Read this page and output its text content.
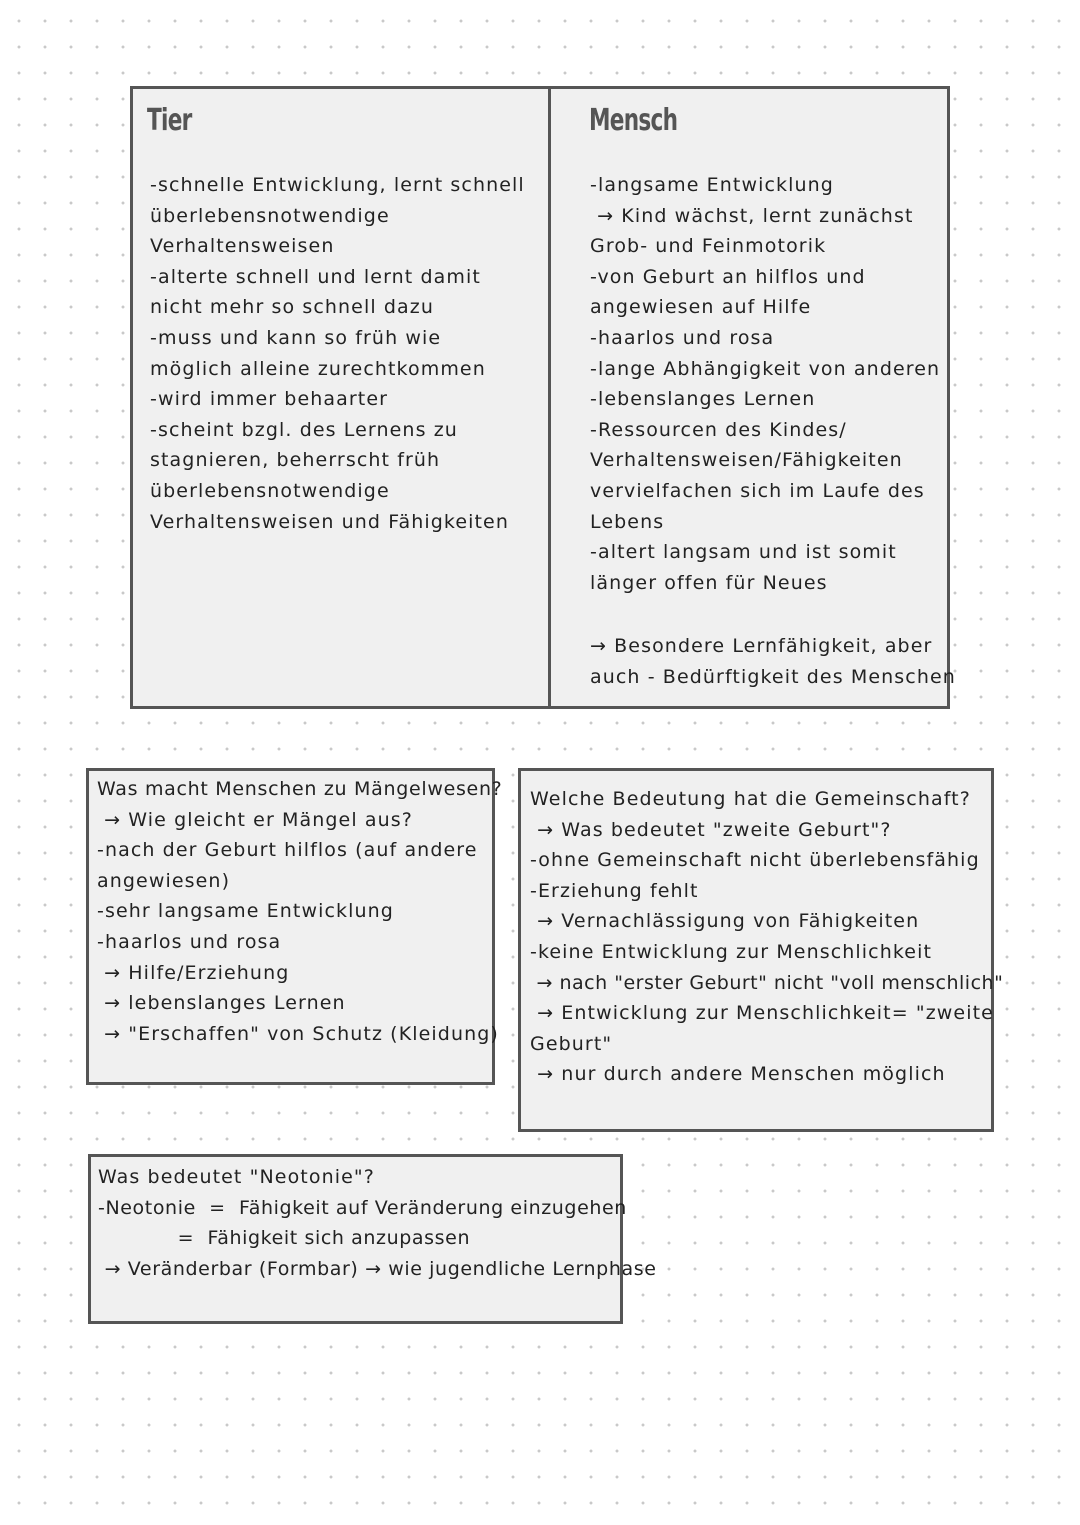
Tier
-schnelle Entwicklung, lernt schnell
überlebensnotwendige
Verhaltensweisen
-alterte schnell und lernt damit
nicht mehr so schnell dazu
-muss und kann so früh wie
möglich alleine zurechtkommen
-wird immer behaarter
-scheint bzgl. des Lernens zu
stagnieren, beherrscht früh
überlebensnotwendige
Verhaltensweisen und Fähigkeiten
Mensch
-langsame Entwicklung
→ Kind wächst, lernt zunächst
Grob- und Feinmotorik
-von Geburt an hilflos und
angewiesen auf Hilfe
-haarlos und rosa
-lange Abhängigkeit von anderen
-lebenslanges Lernen
-Ressourcen des Kindes/
Verhaltensweisen/Fähigkeiten
vervielfachen sich im Laufe des
Lebens
-altert langsam und ist somit
länger offen für Neues
→ Besondere Lernfähigkeit, aber
auch - Bedürftigkeit des Menschen
Was macht Menschen zu Mängelwesen?
→ Wie gleicht er Mängel aus?
-nach der Geburt hilflos (auf andere
angewiesen)
-sehr langsame Entwicklung
-haarlos und rosa
→ Hilfe/Erziehung
→ lebenslanges Lernen
→ "Erschaffen" von Schutz (Kleidung)
Welche Bedeutung hat die Gemeinschaft?
→ Was bedeutet "zweite Geburt"?
-ohne Gemeinschaft nicht überlebensfähig
-Erziehung fehlt
→ Vernachlässigung von Fähigkeiten
-keine Entwicklung zur Menschlichkeit
→ nach "erster Geburt" nicht "voll menschlich"
→ Entwicklung zur Menschlichkeit= "zweite
Geburt"
→ nur durch andere Menschen möglich
Was bedeutet "Neotonie"?
-Neotonie  =  Fähigkeit auf Veränderung einzugehen
=  Fähigkeit sich anzupassen
→ Veränderbar (Formbar) → wie jugendliche Lernphase
